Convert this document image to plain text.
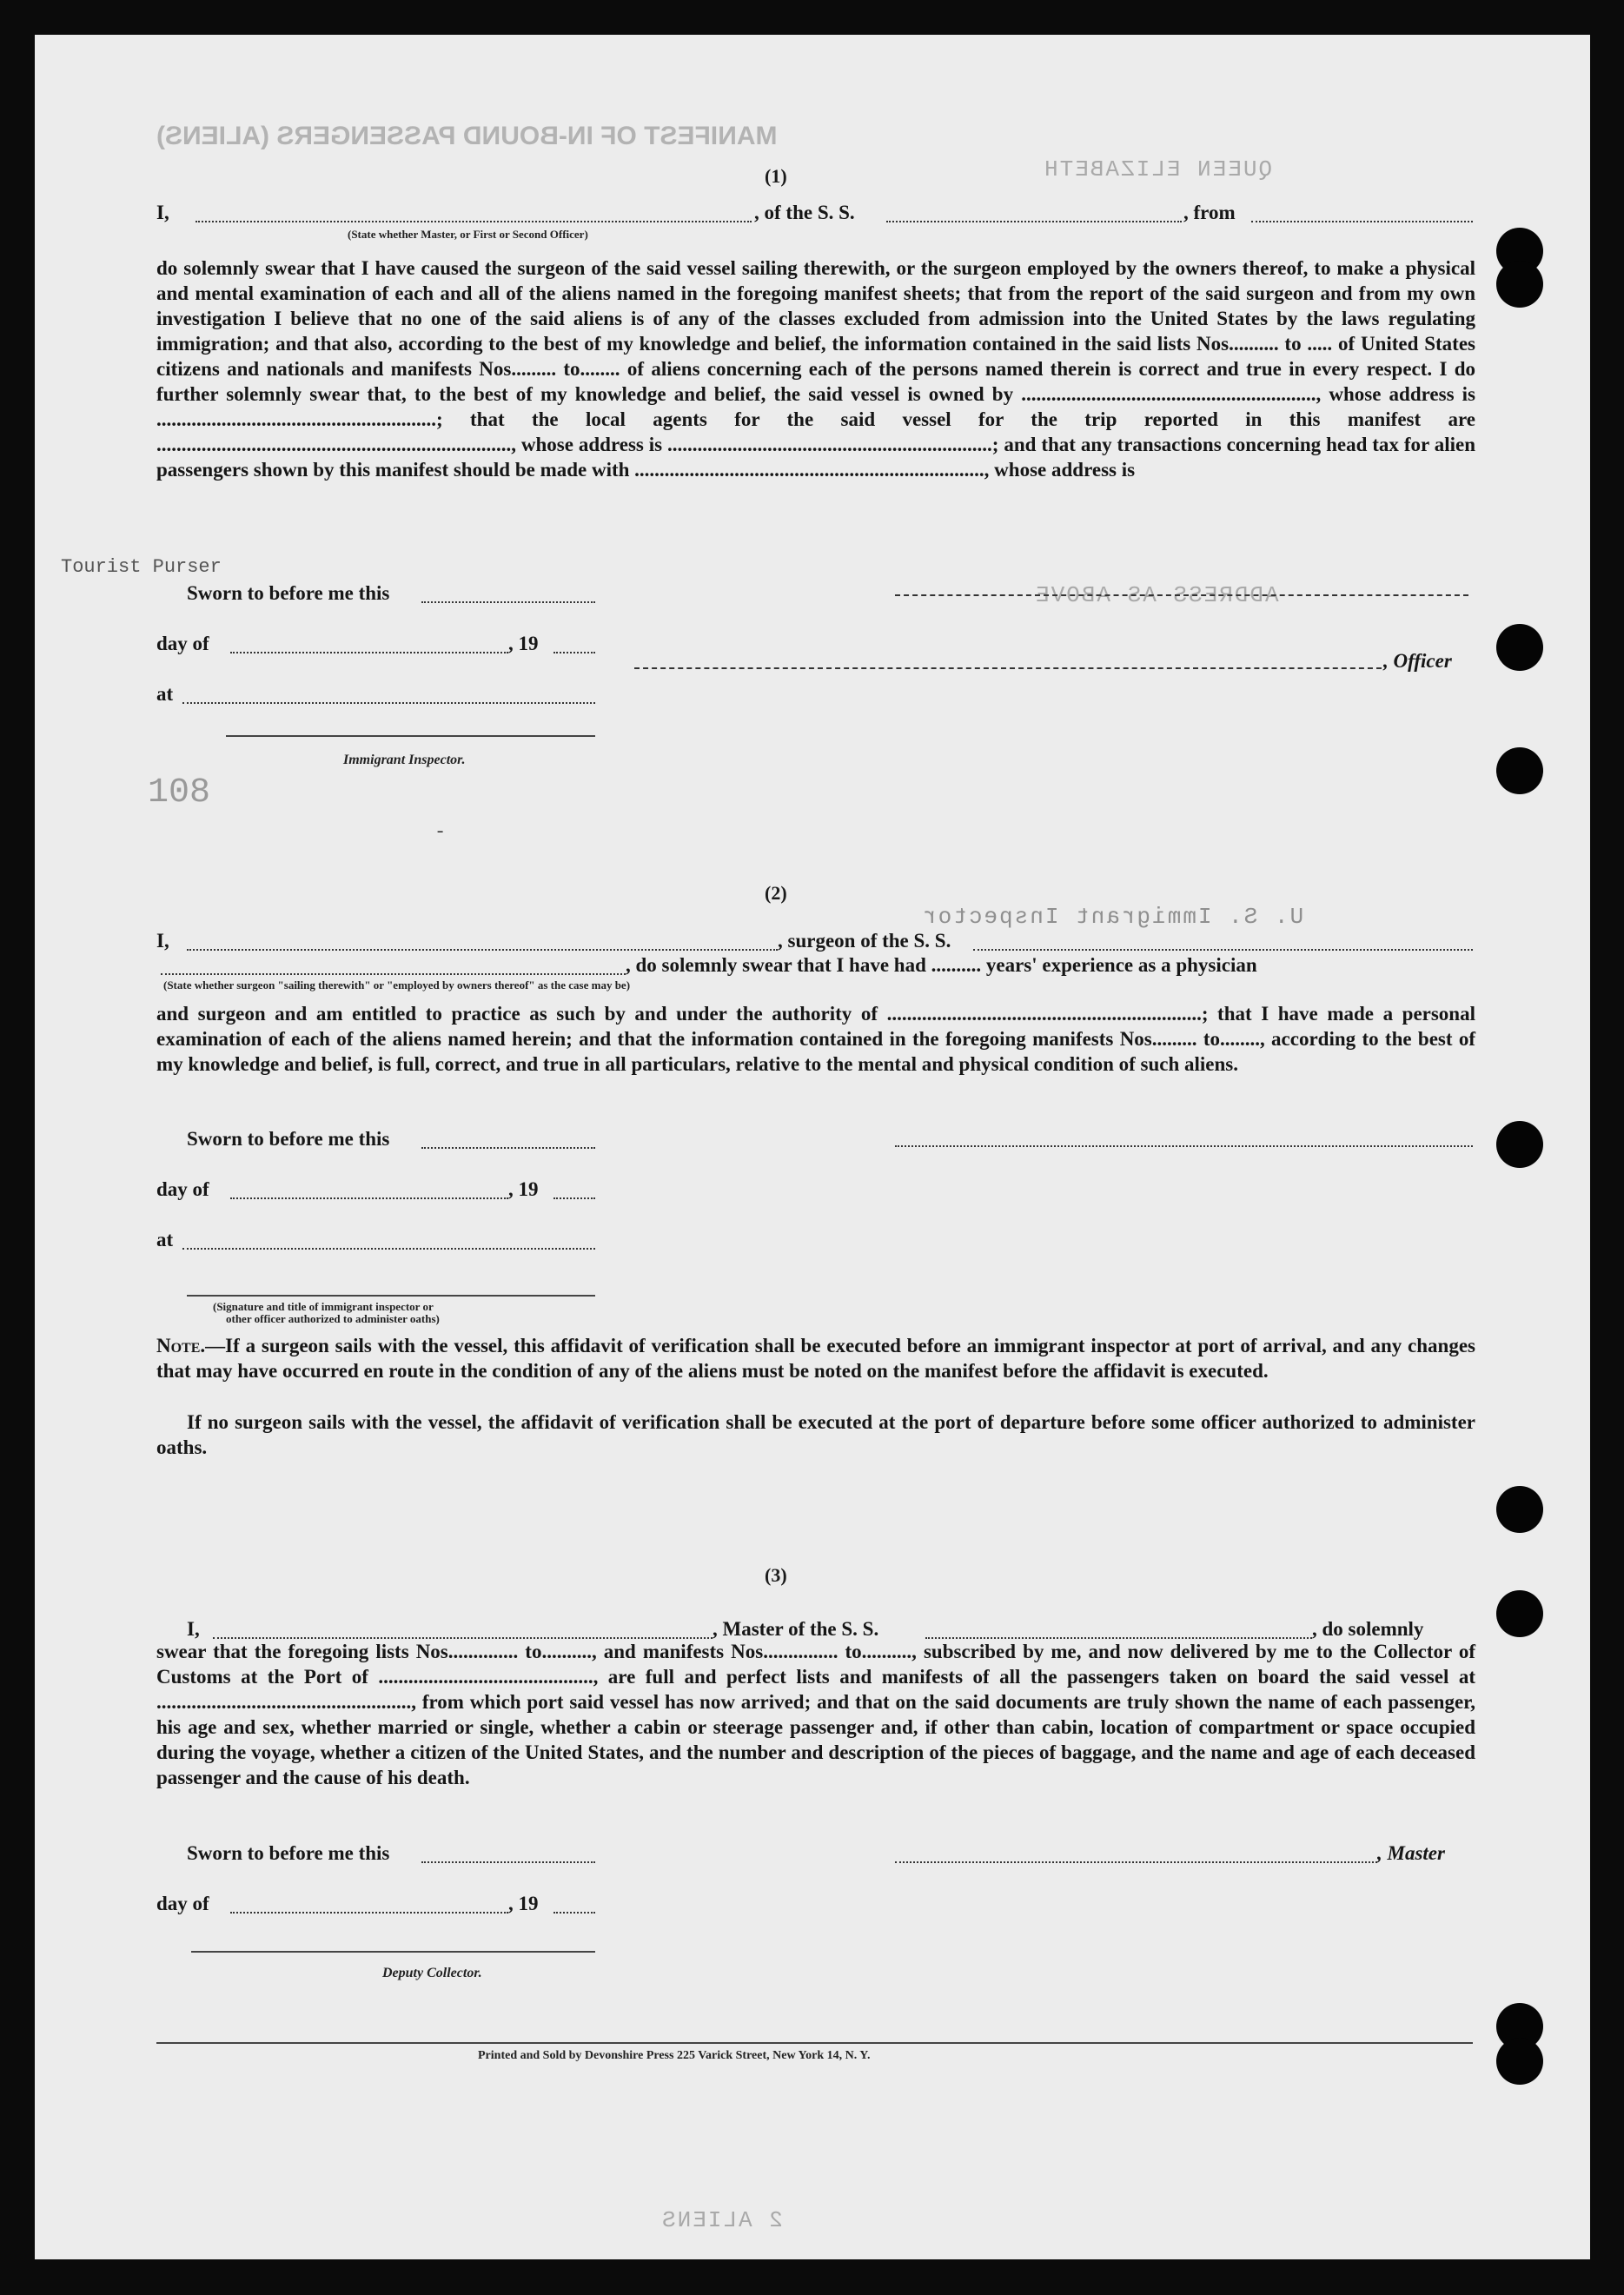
MANIFEST OF IN-BOUND PASSENGERS (ALIENS)
QUEEN ELIZABETH
ADDRESS AS ABOVE
U. S. Immigrant Inspector
2 ALIENS
(1)
I,	, of the S. S.	, from
(State whether Master, or First or Second Officer)

do solemnly swear that I have caused the surgeon of the said vessel sailing therewith, or the surgeon employed by the owners thereof, to make a physical and mental examination of each and all of the aliens named in the foregoing manifest sheets; that from the report of the said surgeon and from my own investigation I believe that no one of the said aliens is of any of the classes excluded from admission into the United States by the laws regulating immigration; and that also, according to the best of my knowledge and belief, the information contained in the said lists Nos.......... to ..... of United States citizens and nationals and manifests Nos......... to........ of aliens concerning each of the persons named therein is correct and true in every respect. I do further solemnly swear that, to the best of my knowledge and belief, the said vessel is owned by ..........................................................., whose address is ........................................................; that the local agents for the said vessel for the trip reported in this manifest are ......................................................................., whose address is .................................................................; and that any transactions concerning head tax for alien passengers shown by this manifest should be made with ......................................................................, whose address is

Sworn to before me this
day of	, 19
, Officer
at
Immigrant Inspector.
Tourist Purser
108
-
(2)
I,	, surgeon of the S. S.
, do solemnly swear that I have had .......... years' experience as a physician
(State whether surgeon "sailing therewith" or "employed by owners thereof" as the case may be)

and surgeon and am entitled to practice as such by and under the authority of ...............................................................; that I have made a personal examination of each of the aliens named herein; and that the information contained in the foregoing manifests Nos......... to........, according to the best of my knowledge and belief, is full, correct, and true in all particulars, relative to the mental and physical condition of such aliens.

Sworn to before me this
day of	, 19
at
(Signature and title of immigrant inspector or
other officer authorized to administer oaths)

Note.—If a surgeon sails with the vessel, this affidavit of verification shall be executed before an immigrant inspector at port of arrival, and any changes that may have occurred en route in the condition of any of the aliens must be noted on the manifest before the affidavit is executed.

If no surgeon sails with the vessel, the affidavit of verification shall be executed at the port of departure before some officer authorized to administer oaths.

(3)
I,	, Master of the S. S.	, do solemnly

swear that the foregoing lists Nos.............. to.........., and manifests Nos............... to.........., subscribed by me, and now delivered by me to the Collector of Customs at the Port of ..........................................., are full and perfect lists and manifests of all the passengers taken on board the said vessel at ..................................................., from which port said vessel has now arrived; and that on the said documents are truly shown the name of each passenger, his age and sex, whether married or single, whether a cabin or steerage passenger and, if other than cabin, location of compartment or space occupied during the voyage, whether a citizen of the United States, and the number and description of the pieces of baggage, and the name and age of each deceased passenger and the cause of his death.

Sworn to before me this	, Master
day of	, 19
Deputy Collector.
Printed and Sold by Devonshire Press 225 Varick Street, New York 14, N. Y.
